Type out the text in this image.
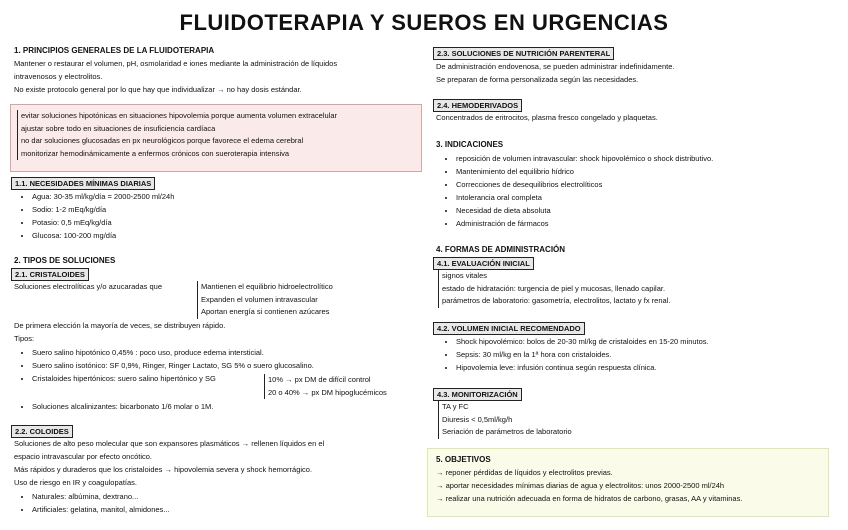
FLUIDOTERAPIA Y SUEROS EN URGENCIAS
1. PRINCIPIOS GENERALES DE LA FLUIDOTERAPIA
Mantener o restaurar el volumen, pH, osmolaridad e iones mediante la administración de líquidos
intravenosos y electrolitos.
No existe protocolo general por lo que hay que individualizar → no hay dosis estándar.
evitar soluciones hipotónicas en situaciones hipovolemia porque aumenta volumen extracelular
ajustar sobre todo en situaciones de insuficiencia cardíaca
no dar soluciones glucosadas en px neurológicos porque favorece el edema cerebral
monitorizar hemodinámicamente a enfermos crónicos con sueroterapia intensiva
1.1. NECESIDADES MÍNIMAS DIARIAS
• Agua: 30-35 ml/kg/día = 2000-2500 ml/24h
• Sodio: 1-2 mEq/kg/día
• Potasio: 0,5 mEq/kg/día
• Glucosa: 100-200 mg/día
2. TIPOS DE SOLUCIONES
2.1. CRISTALOIDES
Soluciones electrolíticas y/o azucaradas que	Mantienen el equilibrio hidroelectrolítico
Expanden el volumen intravascular
Aportan energía si contienen azúcares
De primera elección la mayoría de veces, se distribuyen rápido.
Tipos:
• Suero salino hipotónico 0,45% : poco uso, produce edema intersticial.
• Suero salino isotónico: SF 0,9%, Ringer, Ringer Lactato, SG 5% o suero glucosalino.
• Cristaloides hipertónicos: suero salino hipertónico y SG	10% → px DM de difícil control
20 o 40% → px DM hipoglucémicos
• Soluciones alcalinizantes: bicarbonato 1/6 molar o 1M.
2.2. COLOIDES
Soluciones de alto peso molecular que son expansores plasmáticos → rellenen líquidos en el
espacio intravascular por efecto oncótico.
Más rápidos y duraderos que los cristaloides → hipovolemia severa y shock hemorrágico.
Uso de riesgo en IR y coagulopatías.
• Naturales: albúmina, dextrano...
• Artificiales: gelatina, manitol, almidones...
2.3. SOLUCIONES DE NUTRICIÓN PARENTERAL
De administración endovenosa, se pueden administrar indefinidamente.
Se preparan de forma personalizada según las necesidades.
2.4. HEMODERIVADOS
Concentrados de eritrocitos, plasma fresco congelado y plaquetas.
3. INDICACIONES
• reposición de volumen intravascular: shock hipovolémico o shock distributivo.
• Mantenimiento del equilibrio hídrico
• Correcciones de desequilibrios electrolíticos
• Intolerancia oral completa
• Necesidad de dieta absoluta
• Administración de fármacos
4. FORMAS DE ADMINISTRACIÓN
4.1. EVALUACIÓN INICIAL
signos vitales
estado de hidratación: turgencia de piel y mucosas, llenado capilar.
parámetros de laboratorio: gasometría, electrolitos, lactato y fx renal.
4.2. VOLUMEN INICIAL RECOMENDADO
• Shock hipovolémico: bolos de 20-30 ml/kg de cristaloides en 15-20 minutos.
• Sepsis: 30 ml/kg en la 1ª hora con cristaloides.
• Hipovolemia leve: infusión continua según respuesta clínica.
4.3. MONITORIZACIÓN
TA y FC
Diuresis < 0,5ml/kg/h
Seriación de parámetros de laboratorio
5. OBJETIVOS
→ reponer pérdidas de líquidos y electrolitos previas.
→ aportar necesidades mínimas diarias de agua y electrolitos: unos 2000-2500 ml/24h
→ realizar una nutrición adecuada en forma de hidratos de carbono, grasas, AA y vitaminas.
